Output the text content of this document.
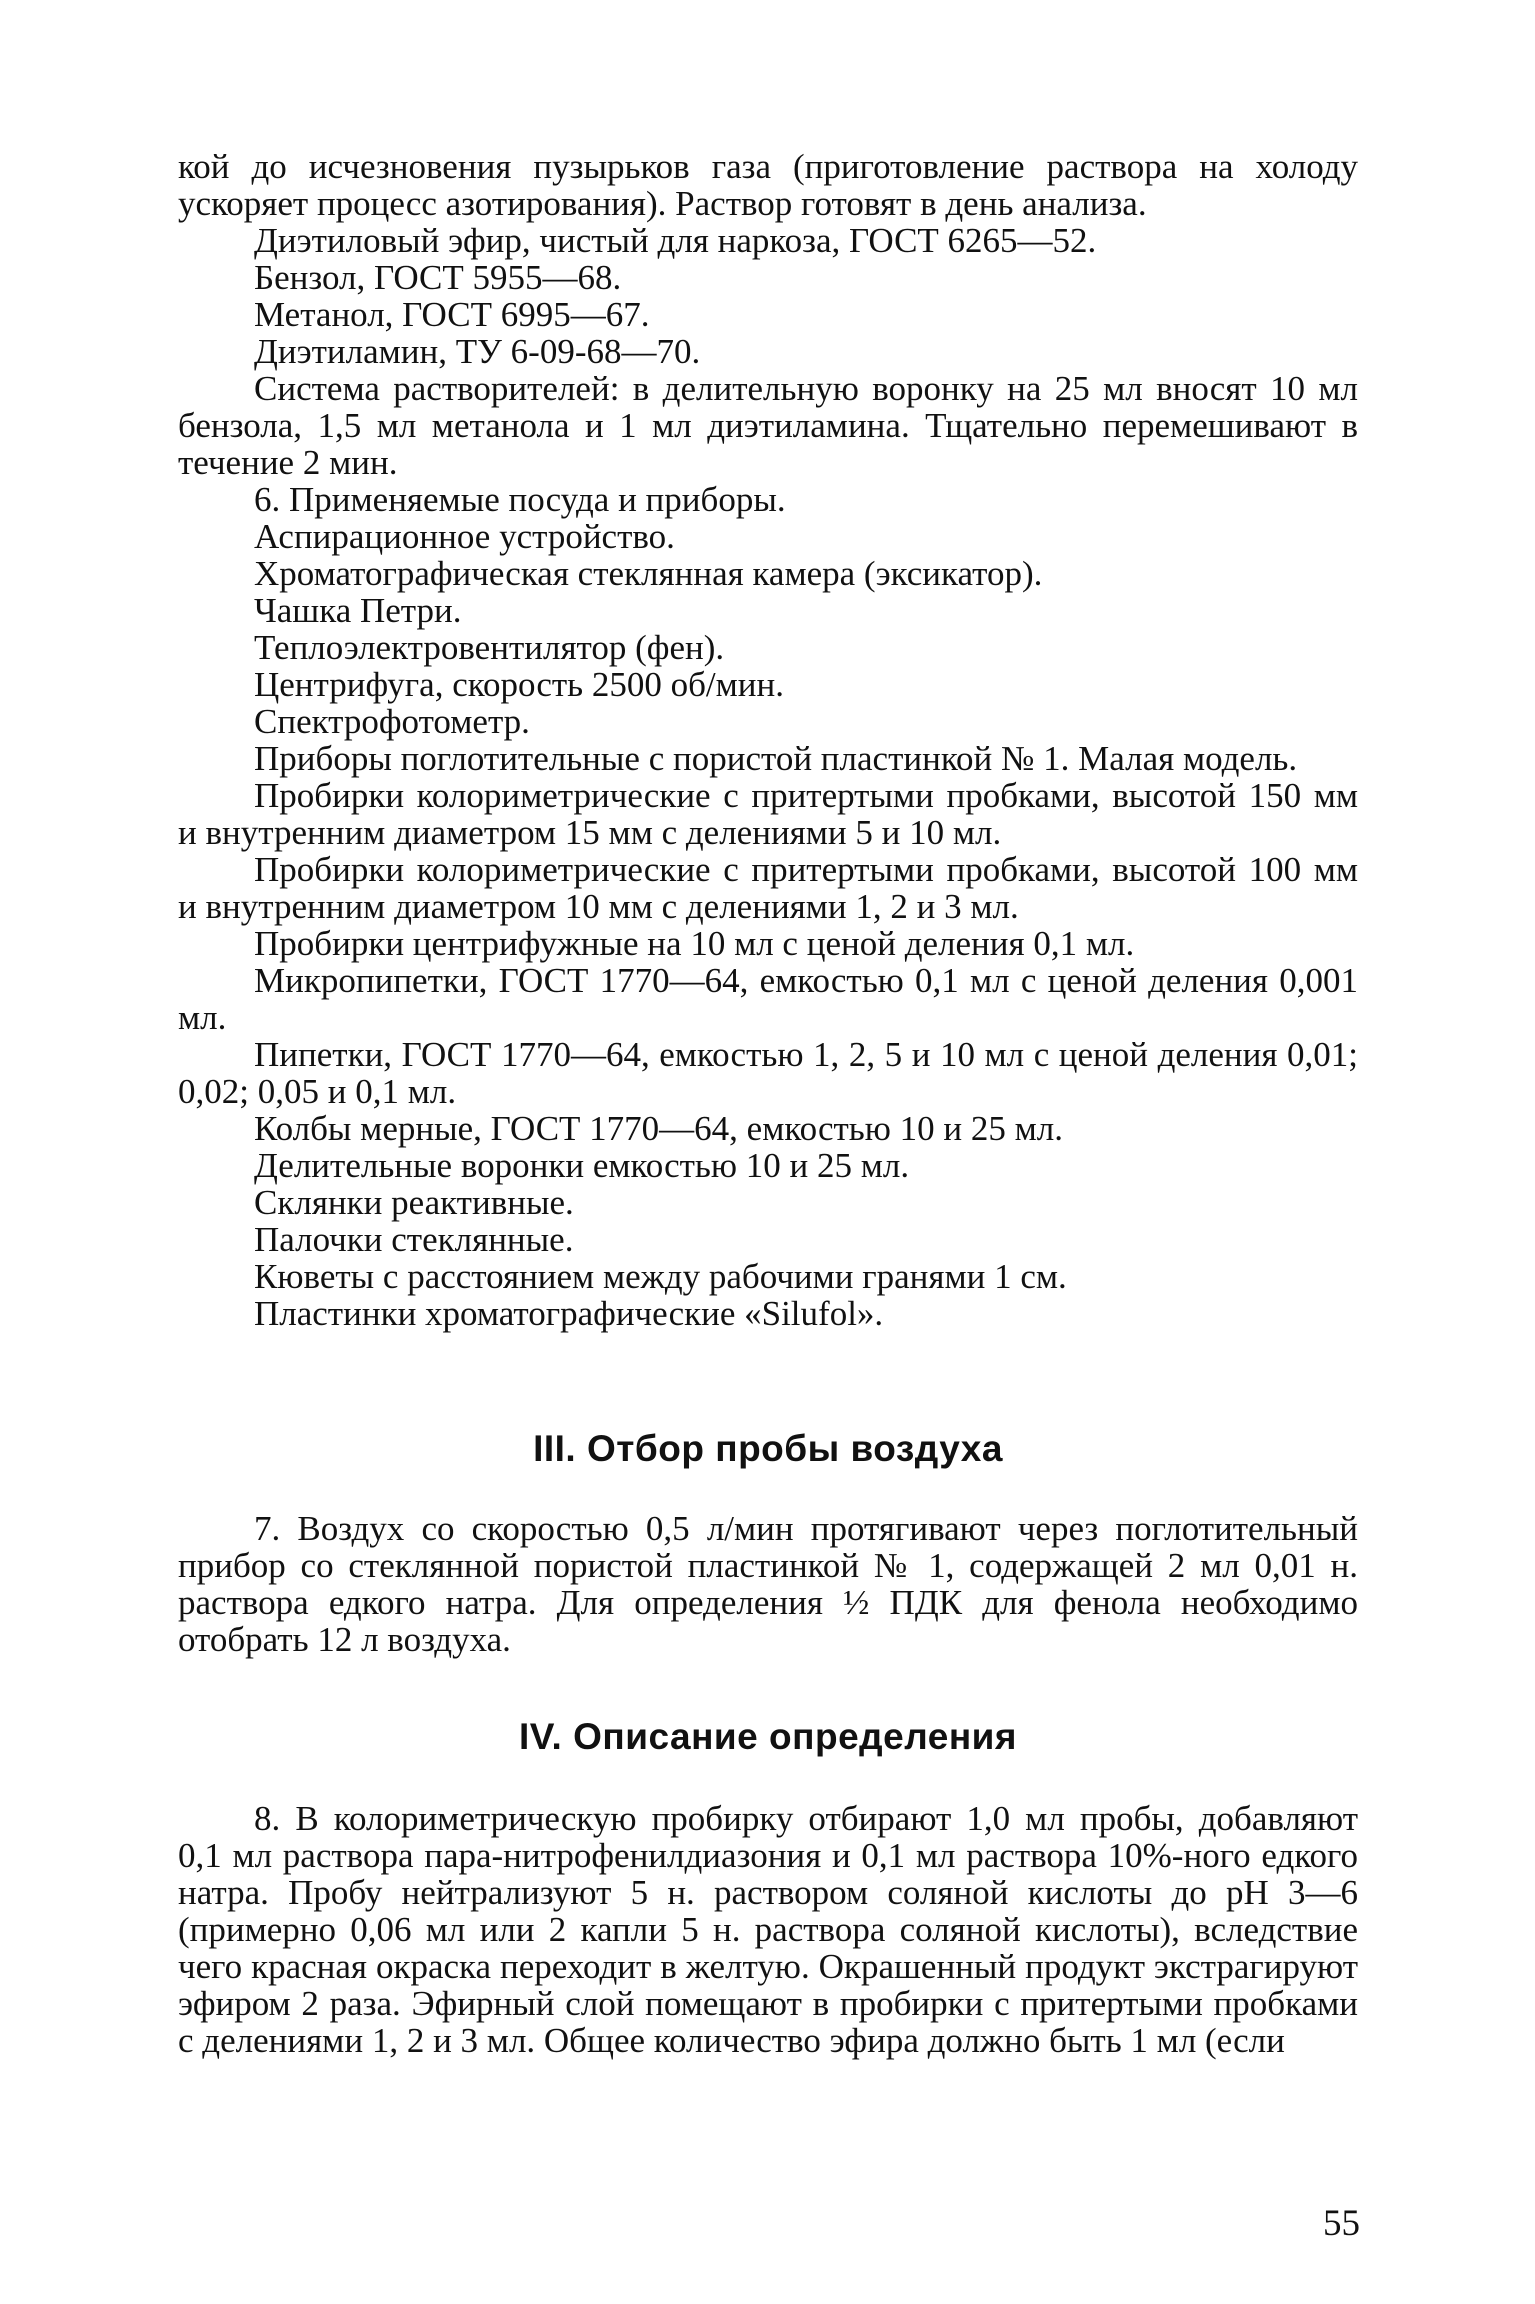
кой до исчезновения пузырьков газа (приготовление раствора на холоду ускоряет процесс азотирования). Раствор готовят в день анализа.

Диэтиловый эфир, чистый для наркоза, ГОСТ 6265—52.

Бензол, ГОСТ 5955—68.

Метанол, ГОСТ 6995—67.

Диэтиламин, ТУ 6-09-68—70.

Система растворителей: в делительную воронку на 25 мл вносят 10 мл бензола, 1,5 мл метанола и 1 мл диэтиламина. Тщательно перемешивают в течение 2 мин.

6. Применяемые посуда и приборы.

Аспирационное устройство.

Хроматографическая стеклянная камера (эксикатор).

Чашка Петри.

Теплоэлектровентилятор (фен).

Центрифуга, скорость 2500 об/мин.

Спектрофотометр.

Приборы поглотительные с пористой пластинкой № 1. Малая модель.

Пробирки колориметрические с притертыми пробками, высотой 150 мм и внутренним диаметром 15 мм с делениями 5 и 10 мл.

Пробирки колориметрические с притертыми пробками, высотой 100 мм и внутренним диаметром 10 мм с делениями 1, 2 и 3 мл.

Пробирки центрифужные на 10 мл с ценой деления 0,1 мл.

Микропипетки, ГОСТ 1770—64, емкостью 0,1 мл с ценой деления 0,001 мл.

Пипетки, ГОСТ 1770—64, емкостью 1, 2, 5 и 10 мл с ценой деления 0,01; 0,02; 0,05 и 0,1 мл.

Колбы мерные, ГОСТ 1770—64, емкостью 10 и 25 мл.

Делительные воронки емкостью 10 и 25 мл.

Склянки реактивные.

Палочки стеклянные.

Кюветы с расстоянием между рабочими гранями 1 см.

Пластинки хроматографические «Silufol».

III. Отбор пробы воздуха

7. Воздух со скоростью 0,5 л/мин протягивают через поглотительный прибор со стеклянной пористой пластинкой № 1, содержащей 2 мл 0,01 н. раствора едкого натра. Для определения ½ ПДК для фенола необходимо отобрать 12 л воздуха.

IV. Описание определения

8. В колориметрическую пробирку отбирают 1,0 мл пробы, добавляют 0,1 мл раствора пара-нитрофенилдиазония и 0,1 мл раствора 10%-ного едкого натра. Пробу нейтрализуют 5 н. раствором соляной кислоты до pH 3—6 (примерно 0,06 мл или 2 капли 5 н. раствора соляной кислоты), вследствие чего красная окраска переходит в желтую. Окрашенный продукт экстрагируют эфиром 2 раза. Эфирный слой помещают в пробирки с притертыми пробками с делениями 1, 2 и 3 мл. Общее количество эфира должно быть 1 мл (если

55
